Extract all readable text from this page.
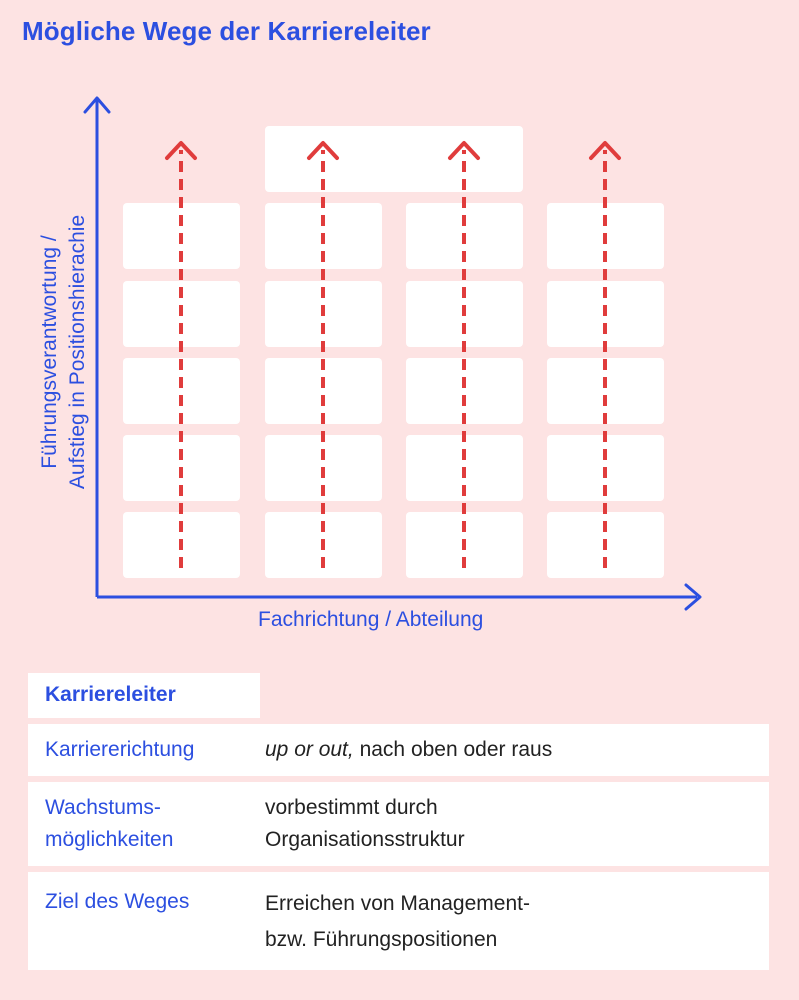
Mögliche Wege der Karriereleiter
Führungsverantwortung / Aufstieg in Positionshierachie
Fachrichtung / Abteilung
Karriereleiter
Karriererichtung	up or out, nach oben oder raus
Wachstums-
möglichkeiten
vorbestimmt durch
Organisationsstruktur
Ziel des Weges	Erreichen von Management-
bzw. Führungspositionen
